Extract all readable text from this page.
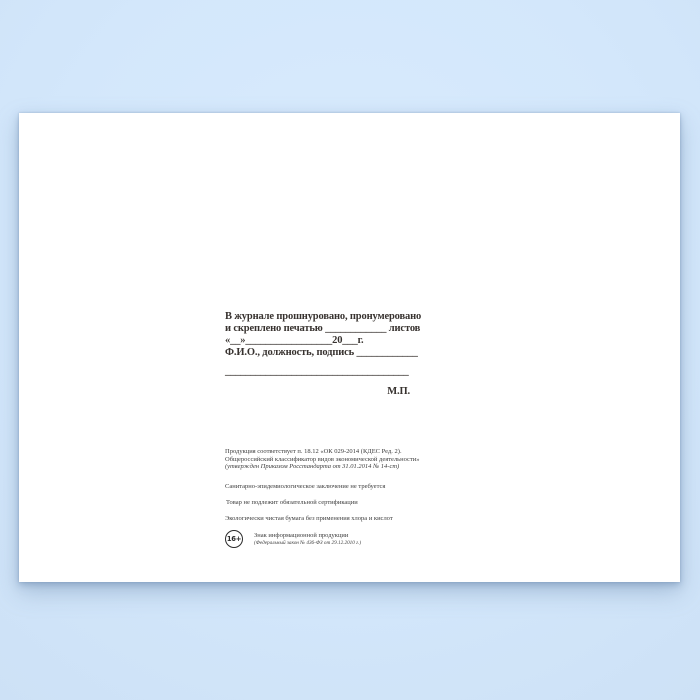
В журнале прошнуровано, пронумеровано
и скреплено печатью ____________ листов
«__»_________________20___г.
Ф.И.О., должность, подпись ____________
____________________________________
М.П.
Продукция соответствует п. 18.12 «ОК 029-2014 (КДЕС Ред. 2).
Общероссийский классификатор видов экономической деятельности»
(утвержден Приказом Росстандарта от 31.01.2014 № 14-ст)
Санитарно-эпидемиологическое заключение не требуется
Товар не подлежит обязательной сертификации
Экологически чистая бумага без применения хлора и кислот
16+ Знак информационной продукции
(Федеральный закон № 436-ФЗ от 29.12.2010 г.)
